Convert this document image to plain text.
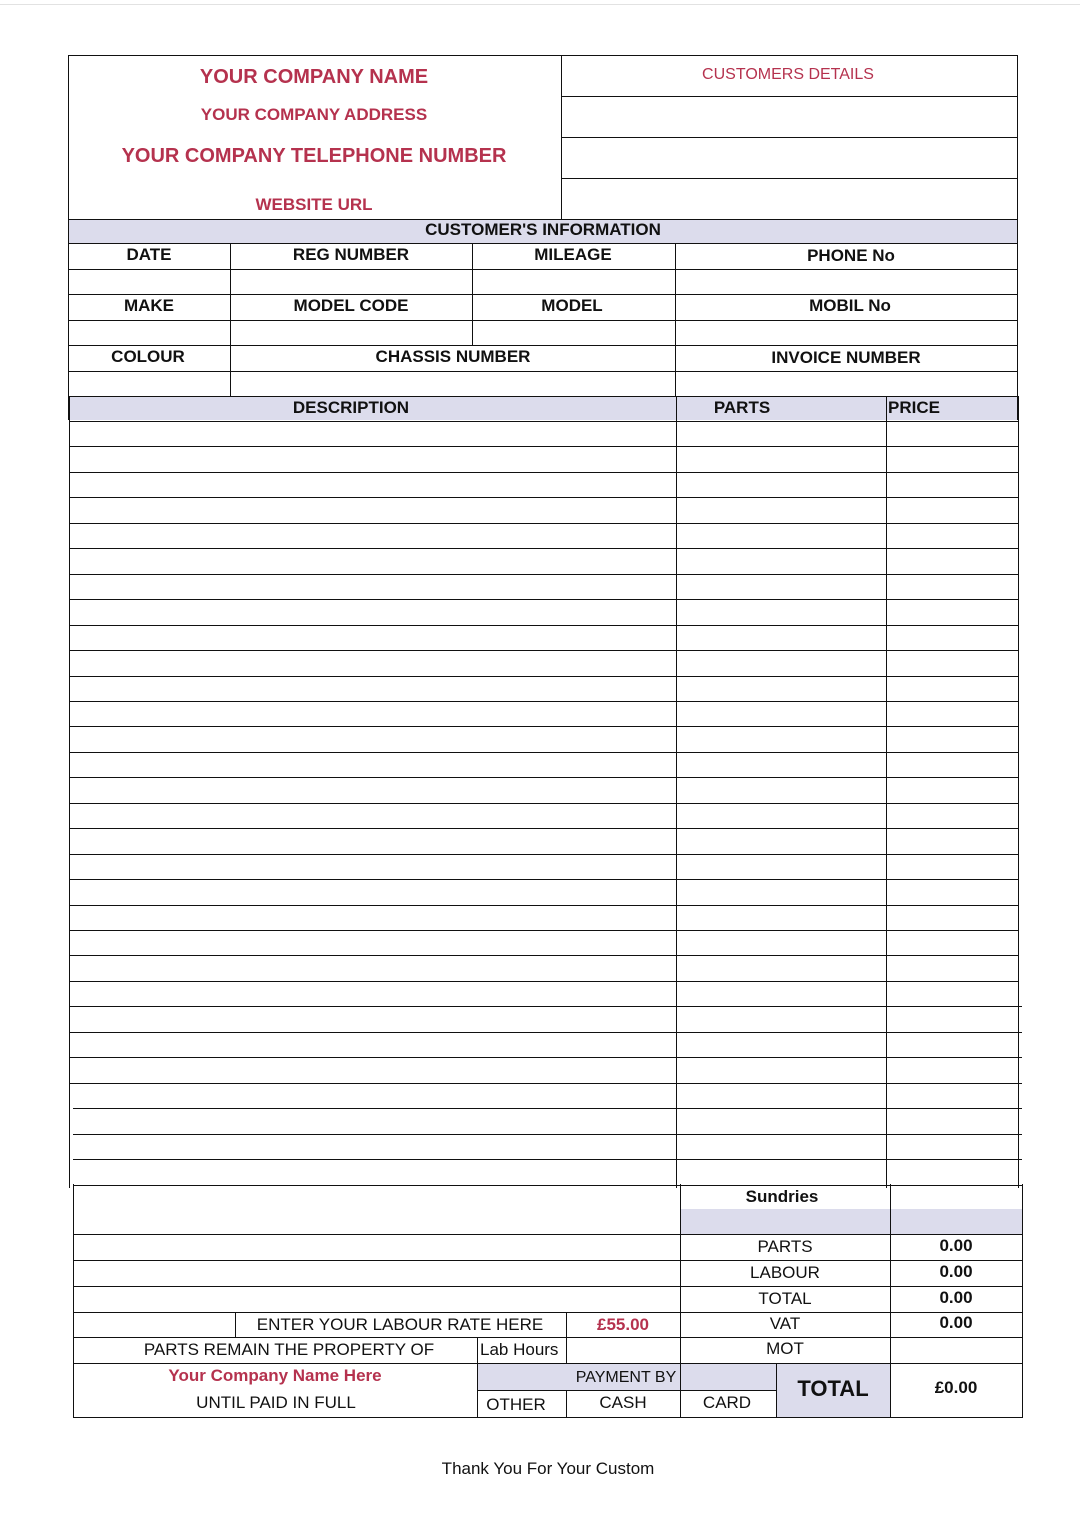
YOUR COMPANY NAME
YOUR COMPANY ADDRESS
YOUR COMPANY TELEPHONE NUMBER
WEBSITE URL
CUSTOMERS DETAILS
CUSTOMER'S INFORMATION
DATE	REG NUMBER	MILEAGE	PHONE No
MAKE	MODEL CODE	MODEL	MOBIL No
COLOUR	CHASSIS NUMBER	INVOICE NUMBER
DESCRIPTION	PARTS	PRICE
Sundries
PARTS	0.00
LABOUR	0.00
TOTAL	0.00
VAT	0.00
MOT
TOTAL	£0.00
ENTER YOUR LABOUR RATE HERE	£55.00
PARTS REMAIN THE PROPERTY OF	Lab Hours
Your Company Name Here
UNTIL PAID IN FULL
PAYMENT BY
OTHER	CASH	CARD
Thank You For Your Custom
